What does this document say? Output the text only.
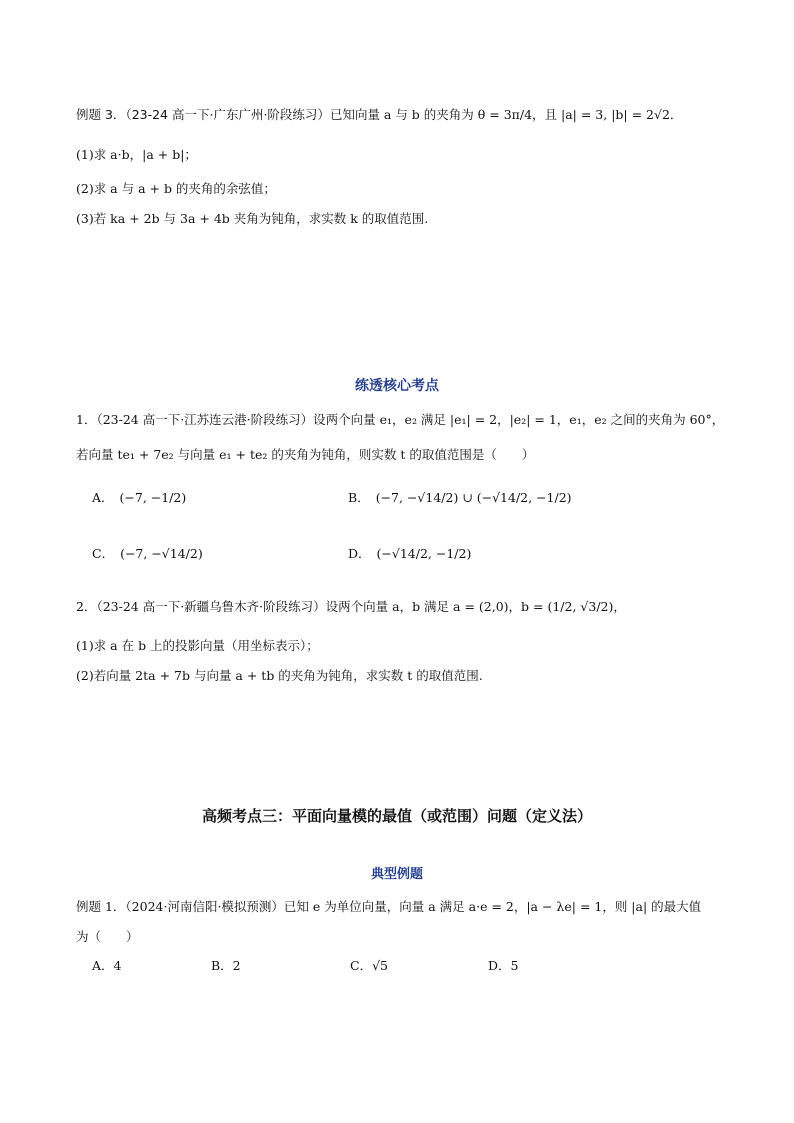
例题 3．（23-24 高一下·广东广州·阶段练习）已知向量 a 与 b 的夹角为 θ = 3π/4，且 |a| = 3, |b| = 2√2．
(1)求 a·b，|a + b|；
(2)求 a 与 a + b 的夹角的余弦值；
(3)若 ka + 2b 与 3a + 4b 夹角为钝角，求实数 k 的取值范围.
练透核心考点
1．（23-24 高一下·江苏连云港·阶段练习）设两个向量 e₁，e₂ 满足 |e₁| = 2，|e₂| = 1，e₁，e₂ 之间的夹角为 60°，
若向量 te₁ + 7e₂ 与向量 e₁ + te₂ 的夹角为钝角，则实数 t 的取值范围是（　　）
A． (−7, −1/2)	B． (−7, −√14/2) ∪ (−√14/2, −1/2)
C． (−7, −√14/2)	D． (−√14/2, −1/2)
2．（23-24 高一下·新疆乌鲁木齐·阶段练习）设两个向量 a，b 满足 a = (2,0)，b = (1/2, √3/2)，
(1)求 a 在 b 上的投影向量（用坐标表示）；
(2)若向量 2ta + 7b 与向量 a + tb 的夹角为钝角，求实数 t 的取值范围.
高频考点三：平面向量模的最值（或范围）问题（定义法）
典型例题
例题 1．（2024·河南信阳·模拟预测）已知 e 为单位向量，向量 a 满足 a·e = 2，|a − λe| = 1，则 |a| 的最大值
为（　　）
A．4	B．2	C．√5	D．5
